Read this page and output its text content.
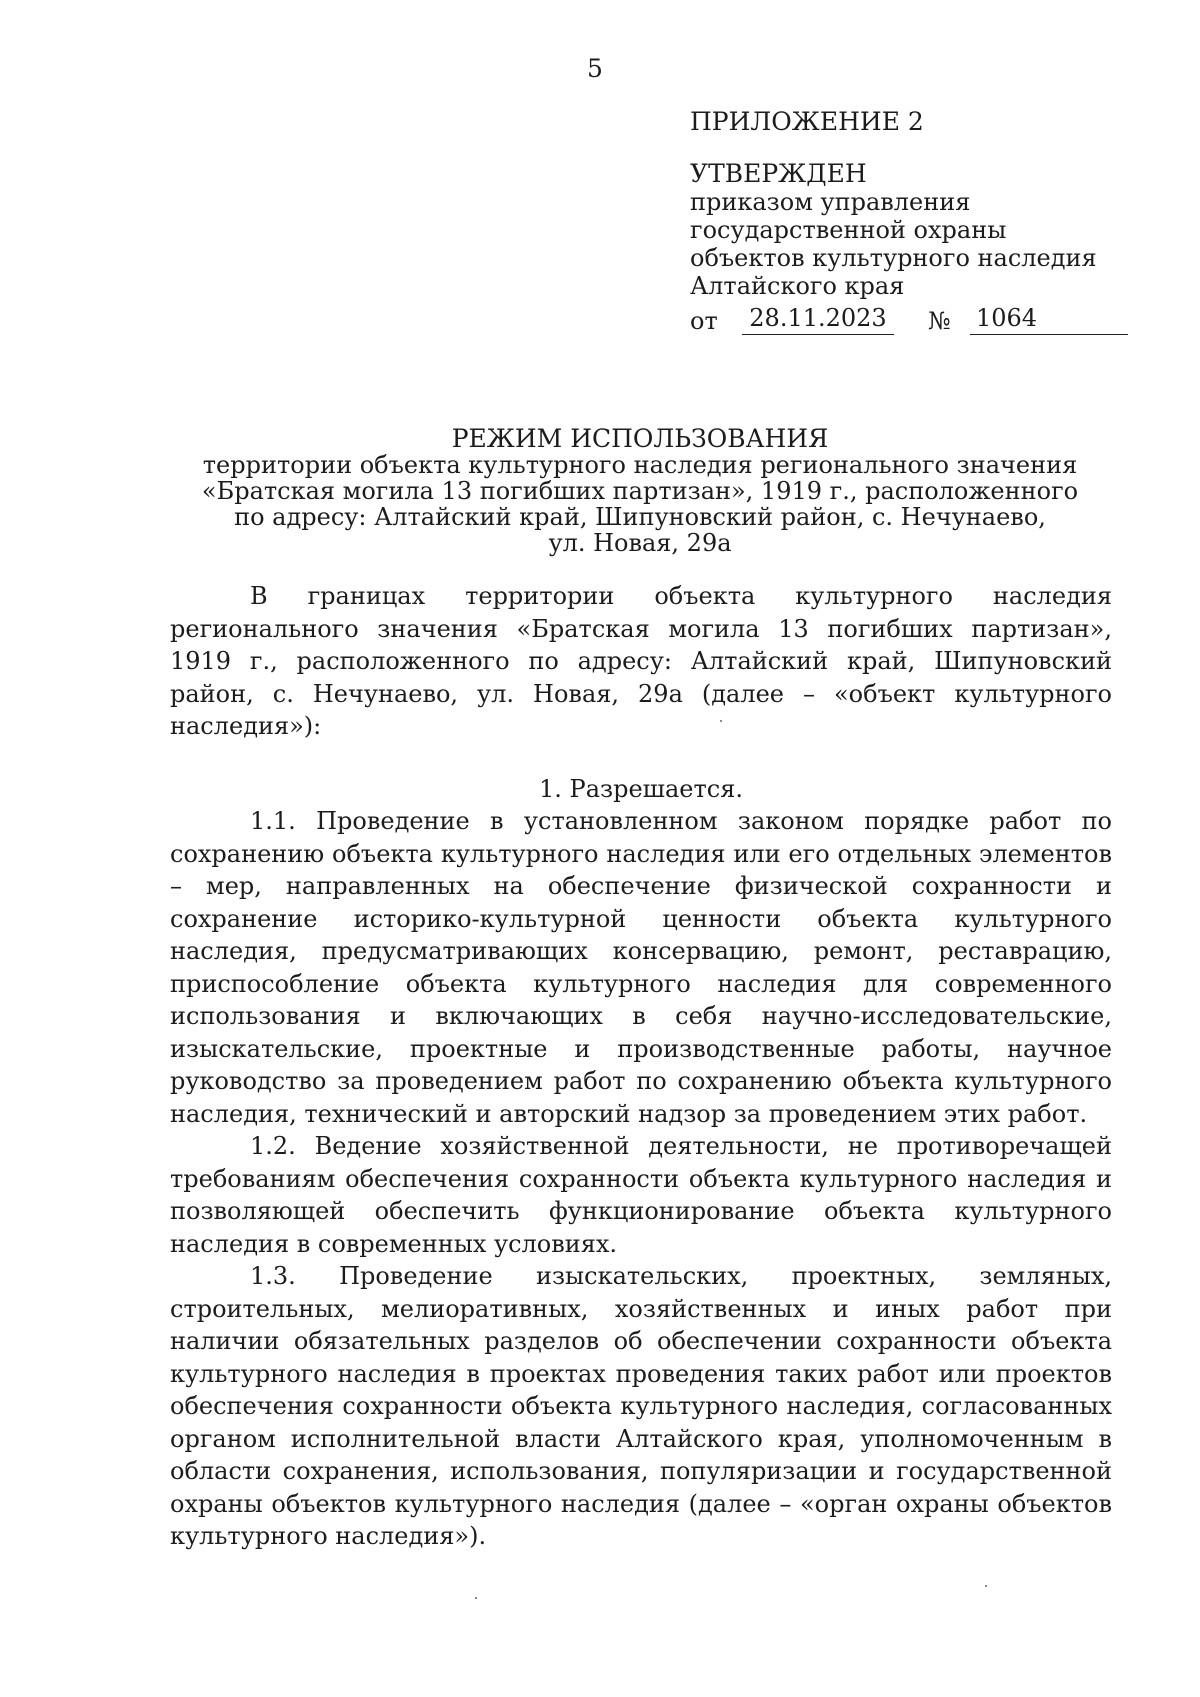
5
ПРИЛОЖЕНИЕ 2
УТВЕРЖДЕН
приказом управления
государственной охраны
объектов культурного наследия
Алтайского края
от	28.11.2023	№	1064
РЕЖИМ ИСПОЛЬЗОВАНИЯ
территории объекта культурного наследия регионального значения
«Братская могила 13 погибших партизан», 1919 г., расположенного
по адресу: Алтайский край, Шипуновский район, с. Нечунаево,
ул. Новая, 29а

В границах территории объекта культурного наследия регионального значения «Братская могила 13 погибших партизан», 1919 г., расположенного по адресу: Алтайский край, Шипуновский район, с. Нечунаево, ул. Новая, 29а (далее – «объект культурного наследия»):

1. Разрешается.

1.1. Проведение в установленном законом порядке работ по сохранению объекта культурного наследия или его отдельных элементов – мер, направленных на обеспечение физической сохранности и сохранение историко-культурной ценности объекта культурного наследия, предусматривающих консервацию, ремонт, реставрацию, приспособление объекта культурного наследия для современного использования и включающих в себя научно-исследовательские, изыскательские, проектные и производственные работы, научное руководство за проведением работ по сохранению объекта культурного наследия, технический и авторский надзор за проведением этих работ.

1.2. Ведение хозяйственной деятельности, не противоречащей требованиям обеспечения сохранности объекта культурного наследия и позволяющей обеспечить функционирование объекта культурного наследия в современных условиях.

1.3. Проведение изыскательских, проектных, земляных, строительных, мелиоративных, хозяйственных и иных работ при наличии обязательных разделов об обеспечении сохранности объекта культурного наследия в проектах проведения таких работ или проектов обеспечения сохранности объекта культурного наследия, согласованных органом исполнительной власти Алтайского края, уполномоченным в области сохранения, использования, популяризации и государственной охраны объектов культурного наследия (далее – «орган охраны объектов культурного наследия»).
